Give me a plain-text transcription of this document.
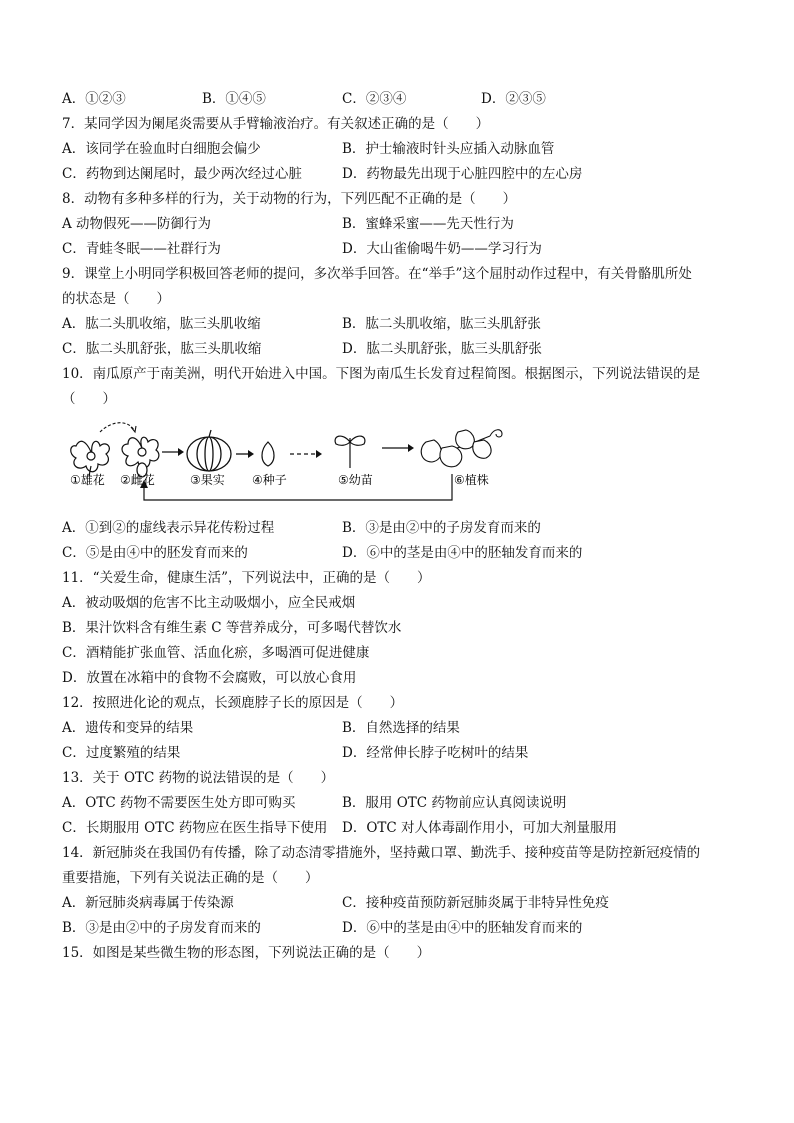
A．①②③	B．①④⑤	C．②③④	D．②③⑤
7．某同学因为阑尾炎需要从手臂输液治疗。有关叙述正确的是（　　）
A．该同学在验血时白细胞会偏少	B．护士输液时针头应插入动脉血管
C．药物到达阑尾时，最少两次经过心脏	D．药物最先出现于心脏四腔中的左心房
8．动物有多种多样的行为，关于动物的行为，下列匹配不正确的是（　　）
A 动物假死——防御行为	B．蜜蜂采蜜——先天性行为
C．青蛙冬眠——社群行为	D．大山雀偷喝牛奶——学习行为
9．课堂上小明同学积极回答老师的提问，多次举手回答。在“举手”这个屈肘动作过程中，有关骨骼肌所处
的状态是（　　）
A．肱二头肌收缩，肱三头肌收缩	B．肱二头肌收缩，肱三头肌舒张
C．肱二头肌舒张，肱三头肌收缩	D．肱二头肌舒张，肱三头肌舒张
10．南瓜原产于南美洲，明代开始进入中国。下图为南瓜生长发育过程简图。根据图示，下列说法错误的是
（　　）
①雄花 ②雌花	③果实 ④种子	⑤幼苗	⑥植株
A．①到②的虚线表示异花传粉过程	B．③是由②中的子房发育而来的
C．⑤是由④中的胚发育而来的	D．⑥中的茎是由④中的胚轴发育而来的
11．“关爱生命，健康生活”，下列说法中，正确的是（　　）
A．被动吸烟的危害不比主动吸烟小，应全民戒烟
B．果汁饮料含有维生素 C 等营养成分，可多喝代替饮水
C．酒精能扩张血管、活血化瘀，多喝酒可促进健康
D．放置在冰箱中的食物不会腐败，可以放心食用
12．按照进化论的观点，长颈鹿脖子长的原因是（　　）
A．遗传和变异的结果	B．自然选择的结果
C．过度繁殖的结果	D．经常伸长脖子吃树叶的结果
13．关于 OTC 药物的说法错误的是（　　）
A．OTC 药物不需要医生处方即可购买	B．服用 OTC 药物前应认真阅读说明
C．长期服用 OTC 药物应在医生指导下使用 D．OTC 对人体毒副作用小，可加大剂量服用
14．新冠肺炎在我国仍有传播，除了动态清零措施外，坚持戴口罩、勤洗手、接种疫苗等是防控新冠疫情的
重要措施，下列有关说法正确的是（　　）
A．新冠肺炎病毒属于传染源	C．接种疫苗预防新冠肺炎属于非特异性免疫
B．③是由②中的子房发育而来的	D．⑥中的茎是由④中的胚轴发育而来的
15．如图是某些微生物的形态图，下列说法正确的是（　　）
